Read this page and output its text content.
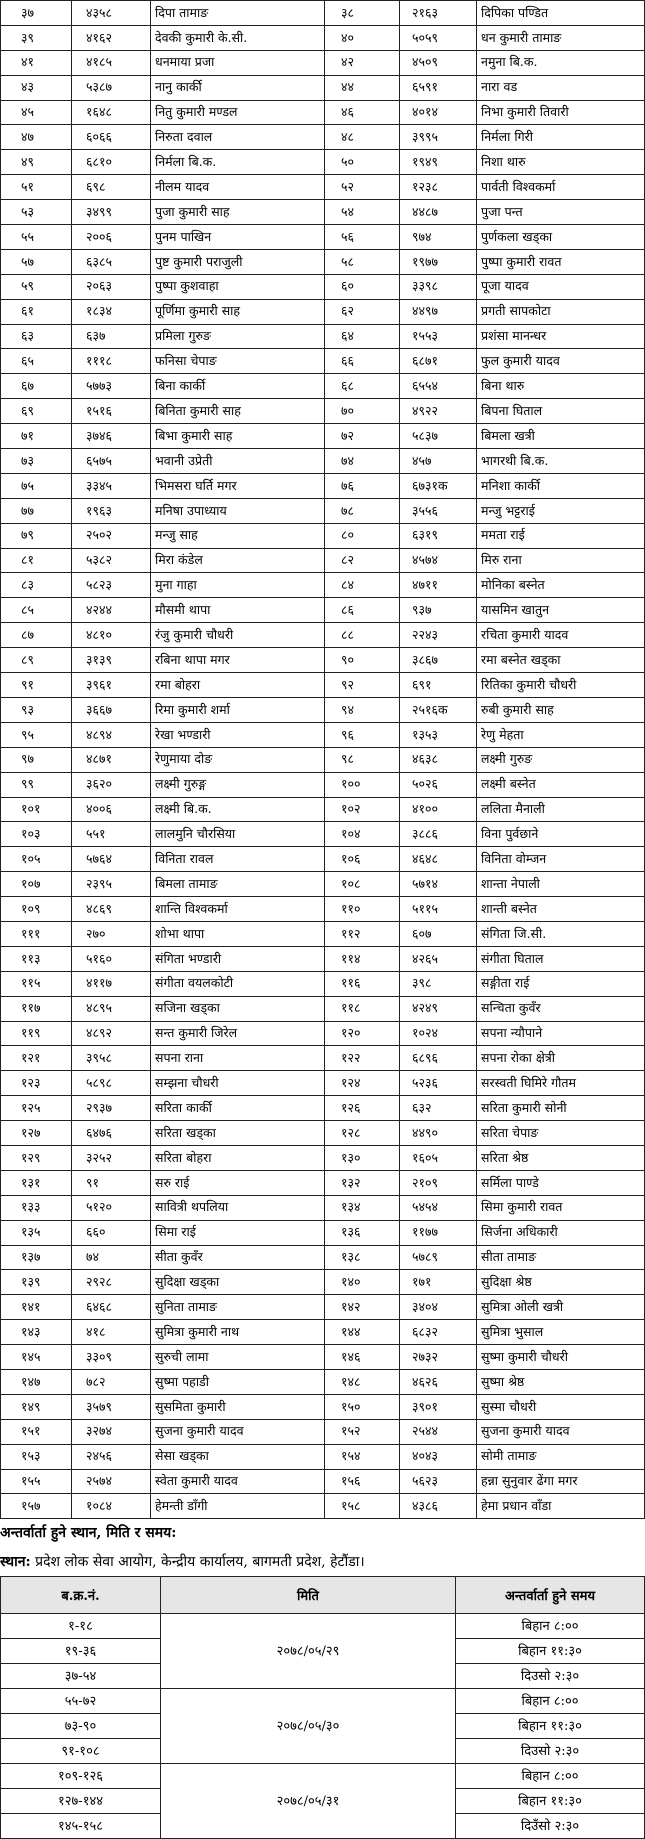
३७	४३५८	दिपा तामाङ	३८	२१६३	दिपिका पण्डित
३९	४१६२	देवकी कुमारी के.सी.	४०	५०५९	धन कुमारी तामाङ
४१	४१८५	धनमाया प्रजा	४२	४५०९	नमुना बि.क.
४३	५३८७	नानु कार्की	४४	६५९१	नारा वड
४५	१६४८	नितु कुमारी मण्डल	४६	४०१४	निभा कुमारी तिवारी
४७	६०६६	निरुता दवाल	४८	३९९५	निर्मला गिरी
४९	६८१०	निर्मला बि.क.	५०	१९४९	निशा थारु
५१	६९८	नीलम यादव	५२	१२३८	पार्वती विश्वकर्मा
५३	३४९९	पुजा कुमारी साह	५४	४४८७	पुजा पन्त
५५	२००६	पुनम पाखिन	५६	९७४	पुर्णकला खड्का
५७	६३८५	पुष्ट कुमारी पराजुली	५८	१९७७	पुष्पा कुमारी रावत
५९	२०६३	पुष्पा कुशवाहा	६०	३३९८	पूजा यादव
६१	१८३४	पूर्णिमा कुमारी साह	६२	४४९७	प्रगती सापकोटा
६३	६३७	प्रमिला गुरुङ	६४	१५५३	प्रशंसा मानन्धर
६५	१११८	फनिसा चेपाङ	६६	६८७१	फुल कुमारी यादव
६७	५७७३	बिना कार्की	६८	६५५४	बिना थारु
६९	१५१६	बिनिता कुमारी साह	७०	४९२२	बिपना घिताल
७१	३७४६	बिभा कुमारी साह	७२	५८३७	बिमला खत्री
७३	६५७५	भवानी उप्रेती	७४	४५७	भागरथी बि.क.
७५	३३४५	भिमसरा घर्ति मगर	७६	६७३१क	मनिशा कार्की
७७	१९६३	मनिषा उपाध्याय	७८	३५५६	मन्जु भट्टराई
७९	२५०२	मन्जु साह	८०	६३१९	ममता राई
८१	५३८२	मिरा कंडेल	८२	४५७४	मिरु राना
८३	५८२३	मुना गाहा	८४	४७११	मोनिका बस्नेत
८५	४२४४	मौसमी थापा	८६	९३७	यासमिन खातुन
८७	४८१०	रंजु कुमारी चौधरी	८८	२२४३	रचिता कुमारी यादव
८९	३१३९	रबिना थापा मगर	९०	३८६७	रमा बस्नेत खड्का
९१	३९६१	रमा बोहरा	९२	६९१	रितिका कुमारी चौधरी
९३	३६६७	रिमा कुमारी शर्मा	९४	२५१६क	रुबी कुमारी साह
९५	४८९४	रेखा भण्डारी	९६	१३५३	रेणु मेहता
९७	४८७१	रेणुमाया दोङ	९८	४६३८	लक्ष्मी गुरुङ
९९	३६२०	लक्ष्मी गुरुङ्ग	१००	५०२६	लक्ष्मी बस्नेत
१०१	४००६	लक्ष्मी बि.क.	१०२	४१००	ललिता मैनाली
१०३	५५१	लालमुनि चौरसिया	१०४	३८८६	विना पुर्वछाने
१०५	५७६४	विनिता रावल	१०६	४६४८	विनिता वोम्जन
१०७	२३९५	बिमला तामाङ	१०८	५७१४	शान्ता नेपाली
१०९	४८६९	शान्ति विश्वकर्मा	११०	५११५	शान्ती बस्नेत
१११	२७०	शोभा थापा	११२	६०७	संगिता जि.सी.
११३	५१६०	संगिता भण्डारी	११४	४२६५	संगीता घिताल
११५	४११७	संगीता वयलकोटी	११६	३९८	सङ्गीता राई
११७	४८९५	सजिना खड्का	११८	४२४९	सन्चिता कुवँर
११९	४८९२	सन्त कुमारी जिरेल	१२०	१०२४	सपना न्यौपाने
१२१	३९५८	सपना राना	१२२	६८९६	सपना रोका क्षेत्री
१२३	५८९८	सम्झना चौधरी	१२४	५२३६	सरस्वती घिमिरे गौतम
१२५	२९३७	सरिता कार्की	१२६	६३२	सरिता कुमारी सोनी
१२७	६४७६	सरिता खड्का	१२८	४४९०	सरिता चेपाङ
१२९	३२५२	सरिता बोहरा	१३०	१६०५	सरिता श्रेष्ठ
१३१	९१	सरु राई	१३२	२१०९	सर्मिला पाण्डे
१३३	५१२०	सावित्री थपलिया	१३४	५४५४	सिमा कुमारी रावत
१३५	६६०	सिमा राई	१३६	११७७	सिर्जना अधिकारी
१३७	७४	सीता कुवँर	१३८	५७८९	सीता तामाङ
१३९	२९२८	सुदिक्षा खड्का	१४०	१७१	सुदिक्षा श्रेष्ठ
१४१	६४६८	सुनिता तामाङ	१४२	३४०४	सुमित्रा ओली खत्री
१४३	४१८	सुमित्रा कुमारी नाथ	१४४	६८३२	सुमित्रा भुसाल
१४५	३३०९	सुरुची लामा	१४६	२७३२	सुष्मा कुमारी चौधरी
१४७	७८२	सुष्मा पहाडी	१४८	४६२६	सुष्मा श्रेष्ठ
१४९	३५७९	सुसमिता कुमारी	१५०	३९०१	सुस्मा चौधरी
१५१	३२७४	सुजना कुमारी यादव	१५२	२५४४	सुजना कुमारी यादव
१५३	२४५६	सेसा खड्का	१५४	४०४३	सोमी तामाङ
१५५	२५७४	स्वेता कुमारी यादव	१५६	५६२३	हन्ना सुनुवार ढेंगा मगर
१५७	१०८४	हेमन्ती डाँगी	१५८	४३८६	हेमा प्रधान वाँडा
अन्तर्वार्ता हुने स्थान, मिति र समय:
स्थान: प्रदेश लोक सेवा आयोग, केन्द्रीय कार्यालय, बागमती प्रदेश, हेटौंडा।
ब.क्र.नं.	मिति	अन्तर्वार्ता हुने समय
१-१८	२०७८/०५/२९	बिहान ८:००
१९-३६		बिहान ११:३०
३७-५४		दिउसो २:३०
५५-७२	२०७८/०५/३०	बिहान ८:००
७३-९०		बिहान ११:३०
९१-१०८		दिउसो २:३०
१०९-१२६	२०७८/०५/३१	बिहान ८:००
१२७-१४४		बिहान ११:३०
१४५-१५८		दिउँसो २:३०
